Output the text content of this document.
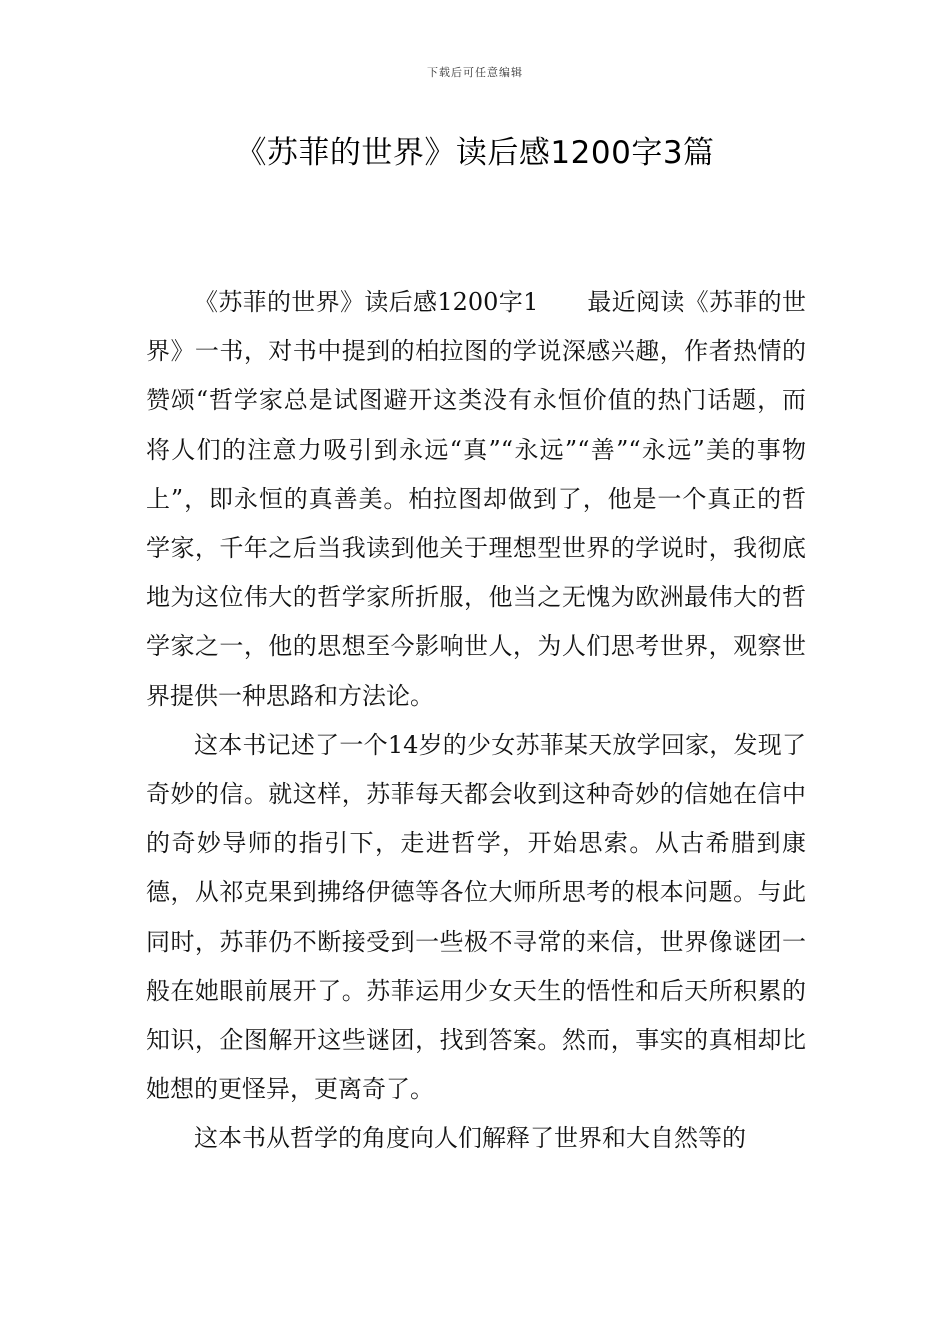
下载后可任意编辑
《苏菲的世界》读后感1200字3篇

《苏菲的世界》读后感1200字1　　最近阅读《苏菲的世界》一书，对书中提到的柏拉图的学说深感兴趣，作者热情的赞颂“哲学家总是试图避开这类没有永恒价值的热门话题，而将人们的注意力吸引到永远“真”“永远”“善”“永远”美的事物上”，即永恒的真善美。柏拉图却做到了，他是一个真正的哲学家，千年之后当我读到他关于理想型世界的学说时，我彻底地为这位伟大的哲学家所折服，他当之无愧为欧洲最伟大的哲学家之一，他的思想至今影响世人，为人们思考世界，观察世界提供一种思路和方法论。

这本书记述了一个14岁的少女苏菲某天放学回家，发现了奇妙的信。就这样，苏菲每天都会收到这种奇妙的信她在信中的奇妙导师的指引下，走进哲学，开始思索。从古希腊到康德，从祁克果到拂络伊德等各位大师所思考的根本问题。与此同时，苏菲仍不断接受到一些极不寻常的来信，世界像谜团一般在她眼前展开了。苏菲运用少女天生的悟性和后天所积累的知识，企图解开这些谜团，找到答案。然而，事实的真相却比她想的更怪异，更离奇了。

这本书从哲学的角度向人们解释了世界和大自然等的
